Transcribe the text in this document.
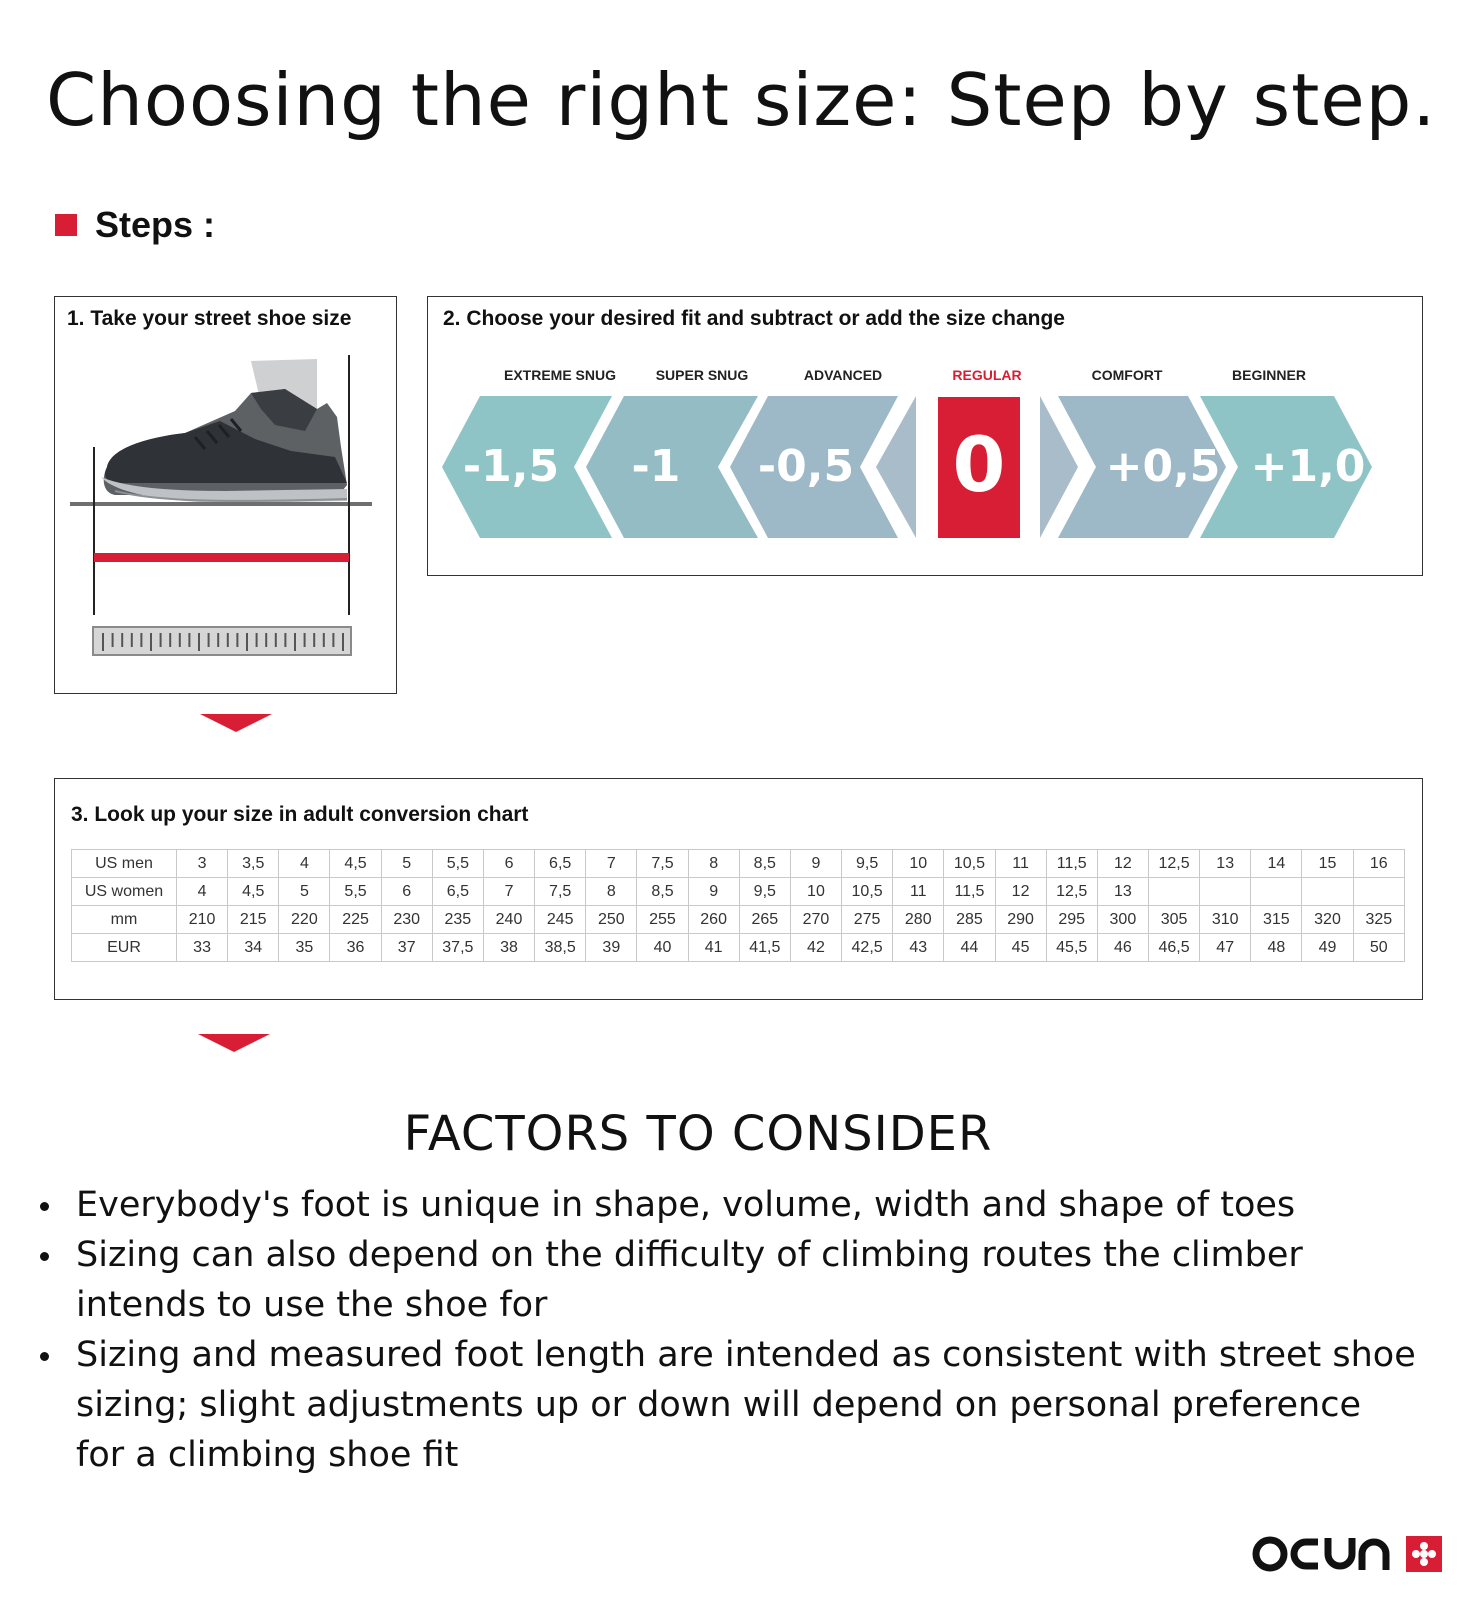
Choosing the right size: Step by step.
Steps :
1. Take your street shoe size	2. Choose your desired fit and subtract or add the size change
EXTREME SNUG	SUPER SNUG	ADVANCED	REGULAR	COMFORT	BEGINNER
-1,5 -1 -0,5 0 +0,5 +1,0
3. Look up your size in adult conversion chart
US men	3	3,5	4	4,5	5	5,5	6	6,5	7	7,5	8	8,5	9	9,5	10	10,5	11	11,5	12	12,5	13	14	15	16
US women	4	4,5	5	5,5	6	6,5	7	7,5	8	8,5	9	9,5	10	10,5	11	11,5	12	12,5	13					
mm	210	215	220	225	230	235	240	245	250	255	260	265	270	275	280	285	290	295	300	305	310	315	320	325
EUR	33	34	35	36	37	37,5	38	38,5	39	40	41	41,5	42	42,5	43	44	45	45,5	46	46,5	47	48	49	50
FACTORS TO CONSIDER
Everybody's foot is unique in shape, volume, width and shape of toes
Sizing can also depend on the difficulty of climbing routes the climber intends to use the shoe for
Sizing and measured foot length are intended as consistent with street shoe sizing; slight adjustments up or down will depend on personal preference for a climbing shoe fit
